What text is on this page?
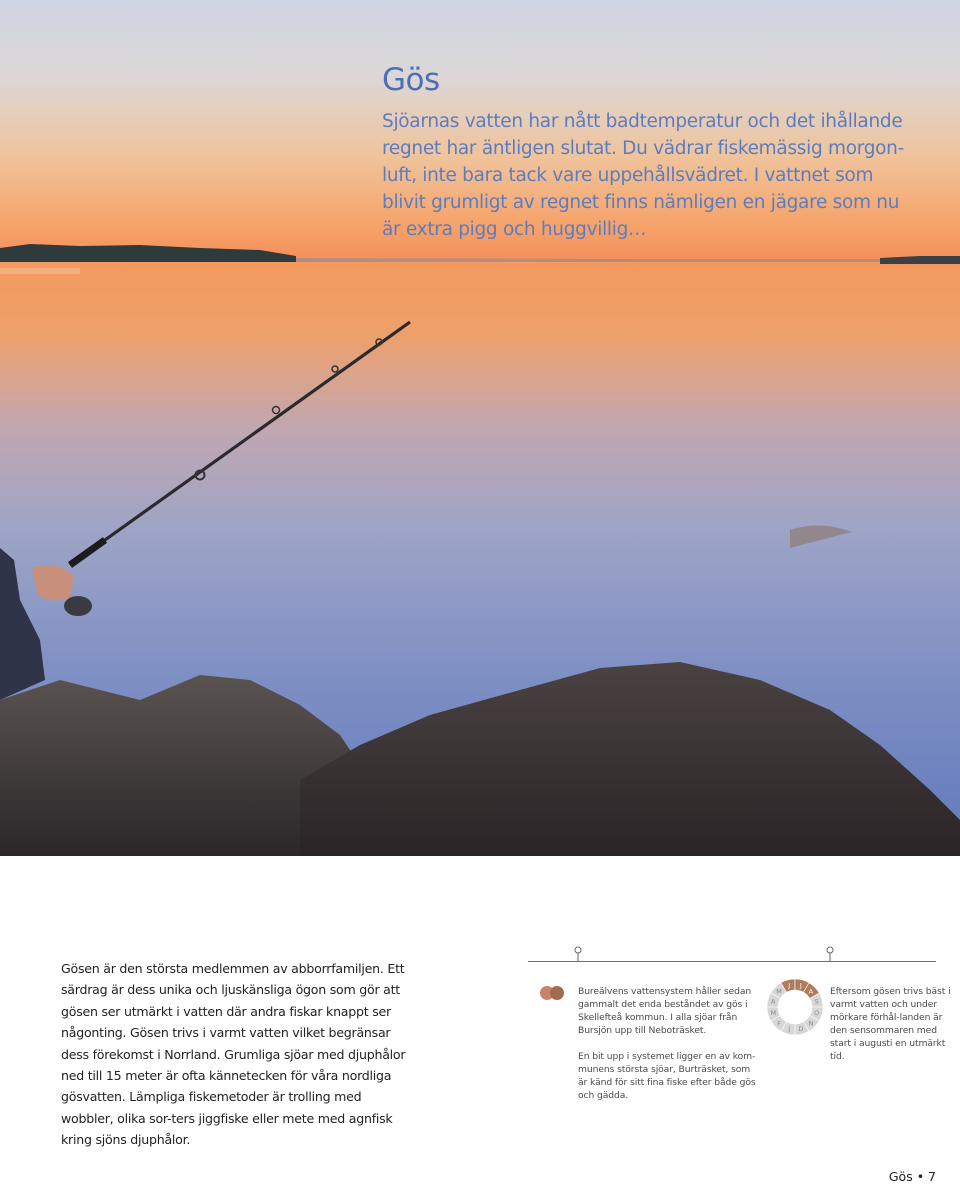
Gös

Sjöarnas vatten har nått badtemperatur och det ihållande regnet har äntligen slutat. Du vädrar fiskemässig morgon-luft, inte bara tack vare uppehållsvädret. I vattnet som blivit grumligt av regnet finns nämligen en jägare som nu är extra pigg och huggvillig…

Gösen är den största medlemmen av abborrfamiljen. Ett särdrag är dess unika och ljuskänsliga ögon som gör att gösen ser utmärkt i vatten där andra fiskar knappt ser någonting. Gösen trivs i varmt vatten vilket begränsar dess förekomst i Norrland. Grumliga sjöar med djuphålor ned till 15 meter är ofta kännetecken för våra nordliga gösvatten. Lämpliga fiskemetoder är trolling med wobbler, olika sor-ters jiggfiske eller mete med agnfisk kring sjöns djuphålor.

Bureälvens vattensystem håller sedan gammalt det enda beståndet av gös i Skellefteå kommun. I alla sjöar från Bursjön upp till Neboträsket.

En bit upp i systemet ligger en av kom-munens största sjöar, Burträsket, som är känd för sitt fina fiske efter både gös och gädda.

J
F
M
A
M
J J
A
S
O
N
D

Eftersom gösen trivs bäst i varmt vatten och under mörkare förhål-landen är den sensommaren med start i augusti en utmärkt tid.

Gös • 7
